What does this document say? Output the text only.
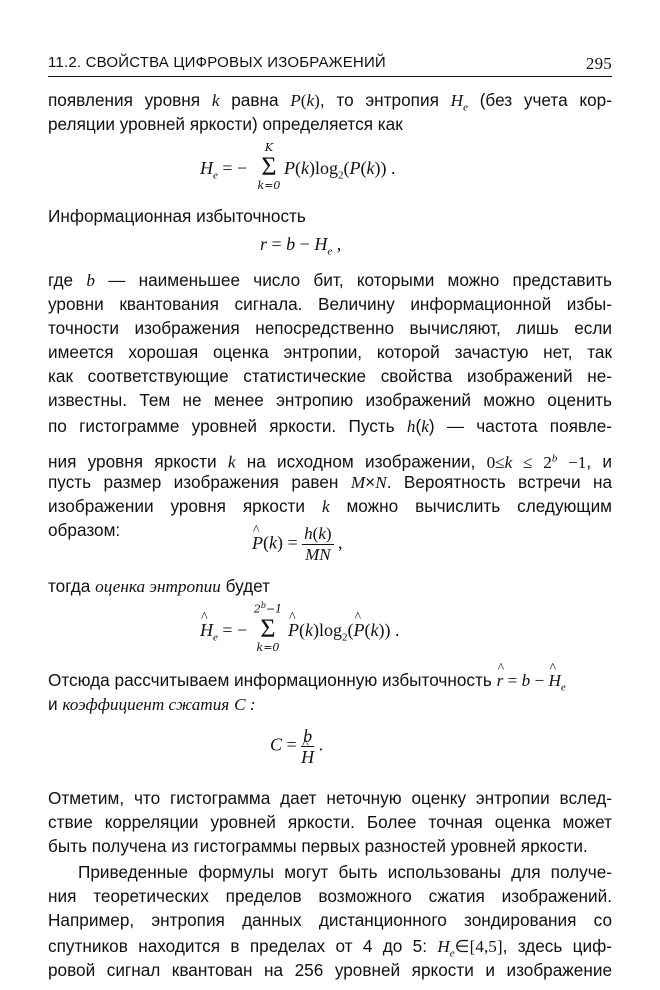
11.2. СВОЙСТВА ЦИФРОВЫХ ИЗОБРАЖЕНИЙ	295
появления уровня k равна P(k), то энтропия $H_e$ (без учета кор-
реляции уровней яркости) определяется как
$H_e$ = −
K
Σ
k=0
$P(k)\log_2(P(k))$ .
Информационная избыточность
$r = b - H_e$ ,
где b — наименьшее число бит, которыми можно представить
уровни квантования сигнала. Величину информационной избы-
точности изображения непосредственно вычисляют, лишь если
имеется хорошая оценка энтропии, которой зачастую нет, так
как соответствующие статистические свойства изображений не-
известны. Тем не менее энтропию изображений можно оценить
по гистограмме уровней яркости. Пусть h(k) — частота появле-
ния уровня яркости k на исходном изображении, $0\le k \le 2^b -1$, и
пусть размер изображения равен M×N. Вероятность встречи на
изображении уровня яркости k можно вычислить следующим
образом:
^ $P(k) = \frac{h(k)}{MN}$ ,
тогда оценка энтропии будет
^ $H_e$ = −
$2^b-1$
Σ
k=0
^ $P(k)\log_2(\^{}$ P(k)) .
Отсюда рассчитываем информационную избыточность ^ r = b − ^ $H_e$
и коэффициент сжатия C :
C = b
^ H .
Отметим, что гистограмма дает неточную оценку энтропии вслед-
ствие корреляции уровней яркости. Более точная оценка может
быть получена из гистограммы первых разностей уровней яркости.
Приведенные формулы могут быть использованы для получе-
ния теоретических пределов возможного сжатия изображений.
Например, энтропия данных дистанционного зондирования со
спутников находится в пределах от 4 до 5: $H_e\in[4,5]$, здесь циф-
ровой сигнал квантован на 256 уровней яркости и изображение
